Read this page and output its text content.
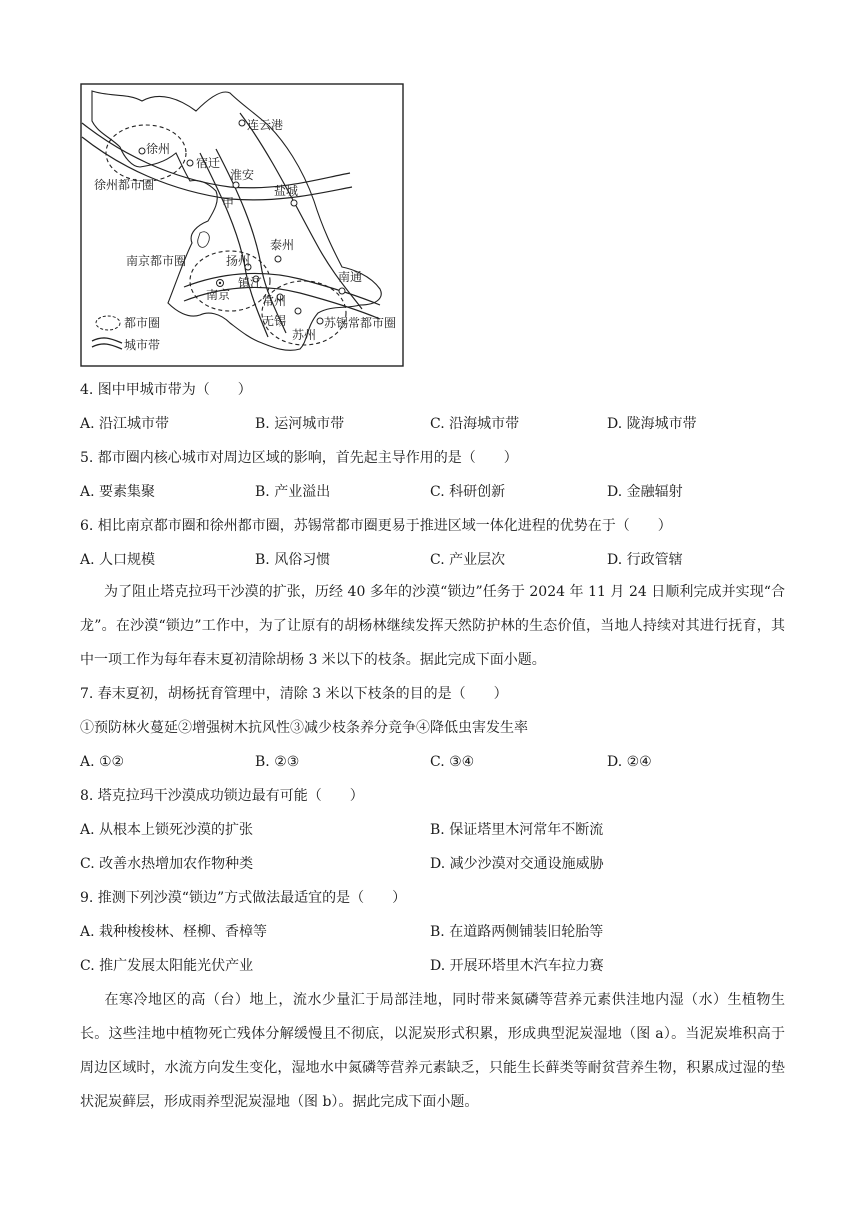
连云港
徐州
宿迁
淮安
盐城
泰州
扬州
南京
镇江	南通
常州
无锡
苏州
甲
徐州都市圈
南京都市圈
苏锡常都市圈
都市圈
城市带
4. 图中甲城市带为（　　）
A. 沿江城市带	B. 运河城市带	C. 沿海城市带	D. 陇海城市带
5. 都市圈内核心城市对周边区域的影响，首先起主导作用的是（　　）
A. 要素集聚	B. 产业溢出	C. 科研创新	D. 金融辐射
6. 相比南京都市圈和徐州都市圈，苏锡常都市圈更易于推进区域一体化进程的优势在于（　　）
A. 人口规模	B. 风俗习惯	C. 产业层次	D. 行政管辖
为了阻止塔克拉玛干沙漠的扩张，历经 40 多年的沙漠“锁边”任务于 2024 年 11 月 24 日顺利完成并实现“合龙”。在沙漠“锁边”工作中，为了让原有的胡杨林继续发挥天然防护林的生态价值，当地人持续对其进行抚育，其中一项工作为每年春末夏初清除胡杨 3 米以下的枝条。据此完成下面小题。
7. 春末夏初，胡杨抚育管理中，清除 3 米以下枝条的目的是（　　）
①预防林火蔓延②增强树木抗风性③减少枝条养分竞争④降低虫害发生率
A. ①②	B. ②③	C. ③④	D. ②④
8. 塔克拉玛干沙漠成功锁边最有可能（　　）
A. 从根本上锁死沙漠的扩张	B. 保证塔里木河常年不断流
C. 改善水热增加农作物种类	D. 减少沙漠对交通设施威胁
9. 推测下列沙漠“锁边”方式做法最适宜的是（　　）
A. 栽种梭梭林、柽柳、香樟等	B. 在道路两侧铺装旧轮胎等
C. 推广发展太阳能光伏产业	D. 开展环塔里木汽车拉力赛
在寒冷地区的高（台）地上，流水少量汇于局部洼地，同时带来氮磷等营养元素供洼地内湿（水）生植物生长。这些洼地中植物死亡残体分解缓慢且不彻底，以泥炭形式积累，形成典型泥炭湿地（图 a）。当泥炭堆积高于周边区域时，水流方向发生变化，湿地水中氮磷等营养元素缺乏，只能生长藓类等耐贫营养生物，积累成过湿的垫状泥炭藓层，形成雨养型泥炭湿地（图 b）。据此完成下面小题。
